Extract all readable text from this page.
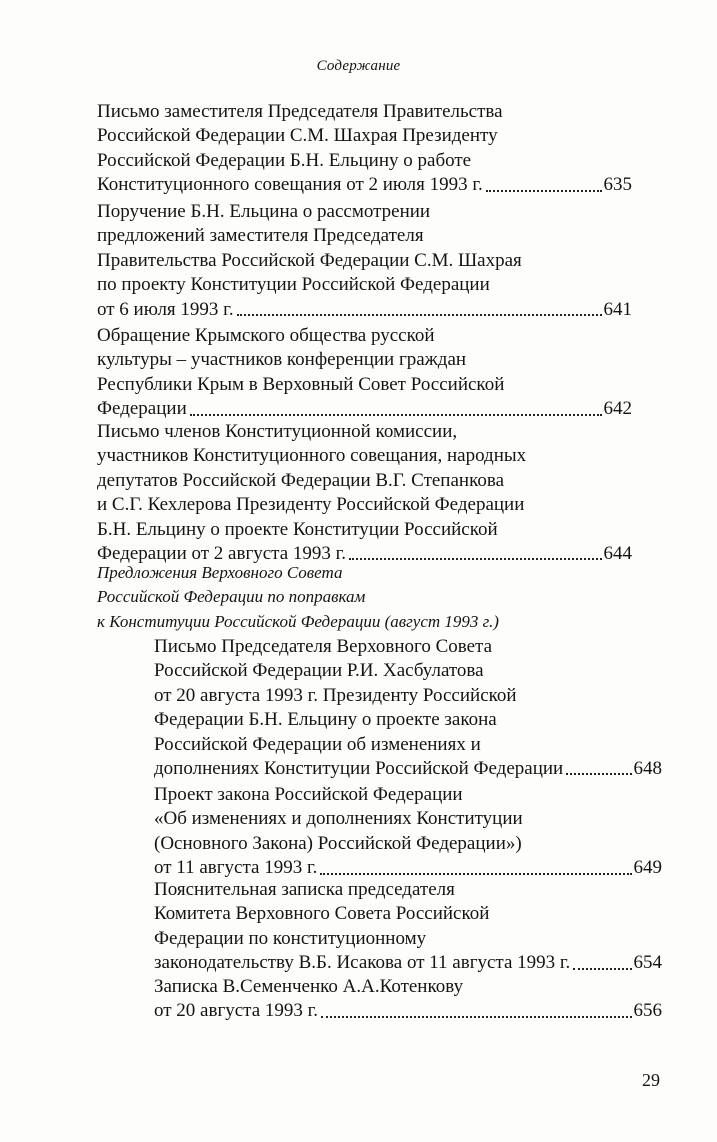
Содержание
Письмо заместителя Председателя Правительства
Российской Федерации С.М. Шахрая Президенту
Российской Федерации Б.Н. Ельцину о работе
Конституционного совещания от 2 июля 1993 г.	635
Поручение Б.Н. Ельцина о рассмотрении
предложений заместителя Председателя
Правительства Российской Федерации С.М. Шахрая
по проекту Конституции Российской Федерации
от 6 июля 1993 г.	641
Обращение Крымского общества русской
культуры – участников конференции граждан
Республики Крым в Верховный Совет Российской
Федерации	642
Письмо членов Конституционной комиссии,
участников Конституционного совещания, народных
депутатов Российской Федерации В.Г. Степанкова
и С.Г. Кехлерова Президенту Российской Федерации
Б.Н. Ельцину о проекте Конституции Российской
Федерации от 2 августа 1993 г.	644
Предложения Верховного Совета
Российской Федерации по поправкам
к Конституции Российской Федерации (август 1993 г.)
Письмо Председателя Верховного Совета
Российской Федерации Р.И. Хасбулатова
от 20 августа 1993 г. Президенту Российской
Федерации Б.Н. Ельцину о проекте закона
Российской Федерации об изменениях и
дополнениях Конституции Российской Федерации	648
Проект закона Российской Федерации
«Об изменениях и дополнениях Конституции
(Основного Закона) Российской Федерации»)
от 11 августа 1993 г.	649
Пояснительная записка председателя
Комитета Верховного Совета Российской
Федерации по конституционному
законодательству В.Б. Исакова от 11 августа 1993 г.	654
Записка В.Семенченко А.А.Котенкову
от 20 августа 1993 г.	656
29
